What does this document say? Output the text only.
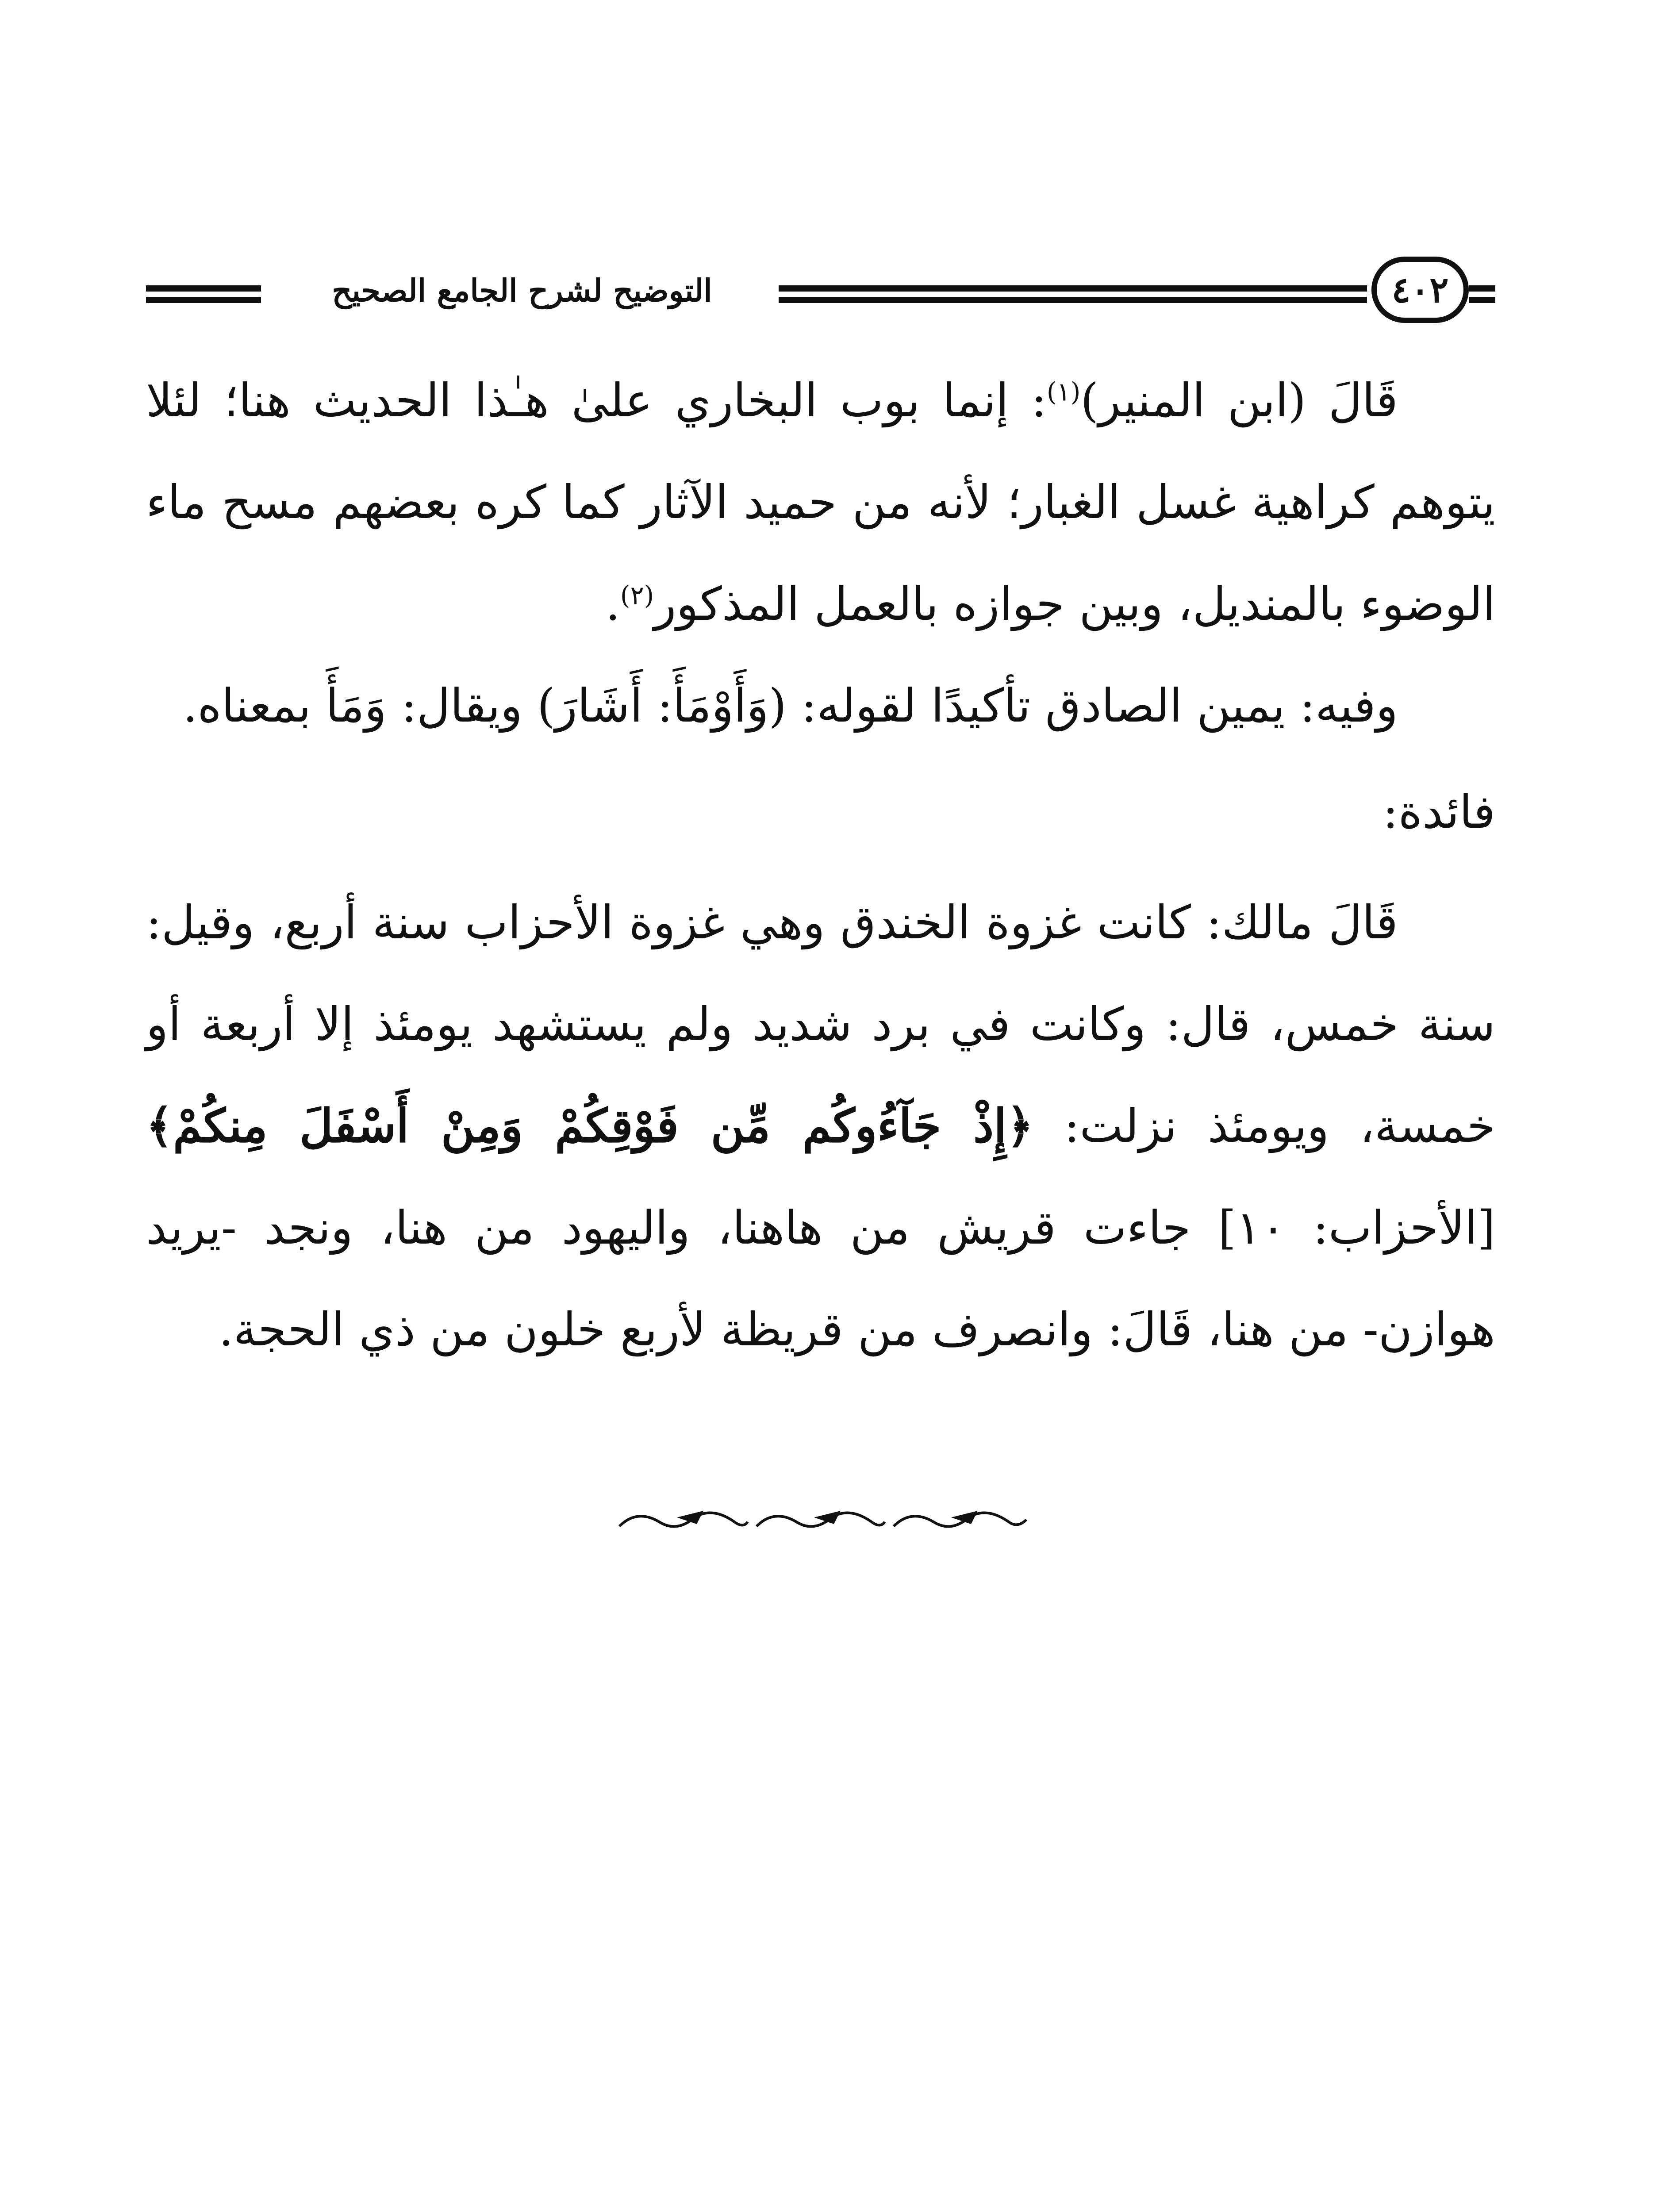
التوضيح لشرح الجامع الصحيح	٤٠٢

قَالَ (ابن المنير)$^{(١)}$: إنما بوب البخاري علىٰ هـٰذا الحديث هنا؛ لئلا يتوهم كراهية غسل الغبار؛ لأنه من حميد الآثار كما كره بعضهم مسح ماء الوضوء بالمنديل، وبين جوازه بالعمل المذكور$^{(٢)}$.

وفيه: يمين الصادق تأكيدًا لقوله: (وَأَوْمَأَ: أَشَارَ) ويقال: وَمَأَ بمعناه.

فائدة:

قَالَ مالك: كانت غزوة الخندق وهي غزوة الأحزاب سنة أربع، وقيل: سنة خمس، قال: وكانت في برد شديد ولم يستشهد يومئذ إلا أربعة أو خمسة، ويومئذ نزلت: ﴿إِذْ جَآءُوكُم مِّن فَوْقِكُمْ وَمِنْ أَسْفَلَ مِنكُمْ﴾ [الأحزاب: ١٠] جاءت قريش من هاهنا، واليهود من هنا، ونجد -يريد هوازن- من هنا، قَالَ: وانصرف من قريظة لأربع خلون من ذي الحجة.
